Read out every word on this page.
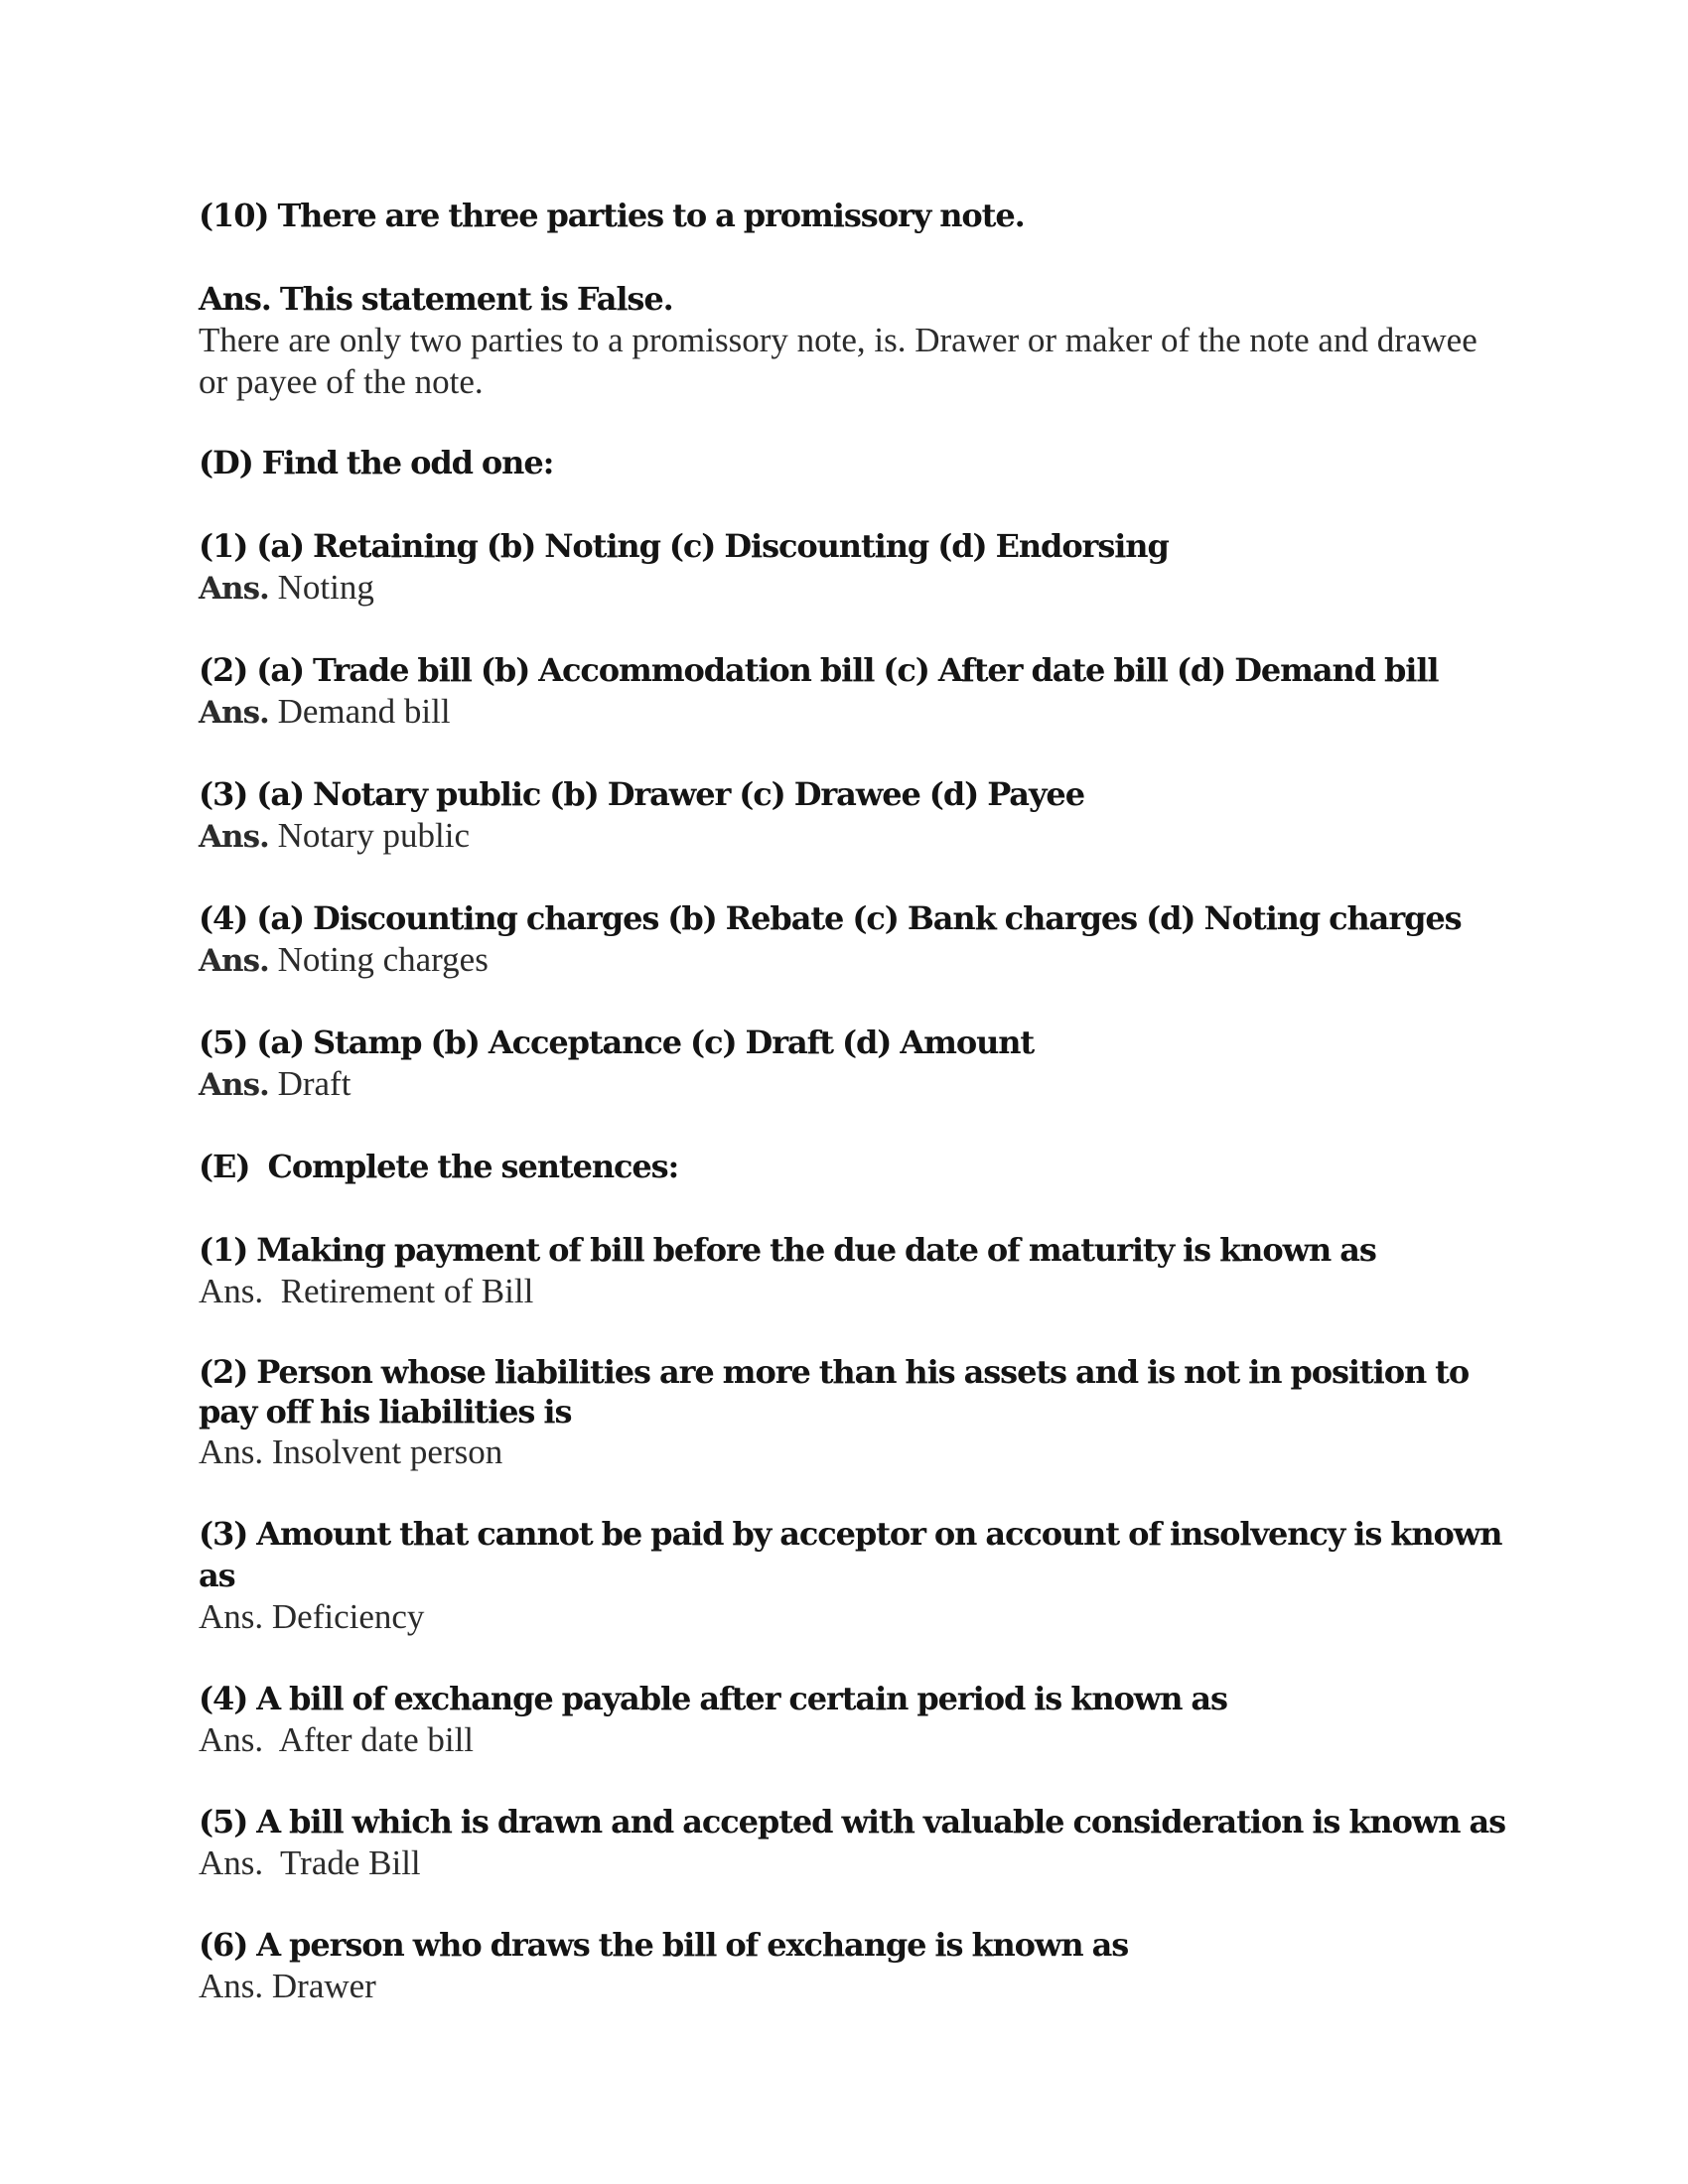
(10) There are three parties to a promissory note.

Ans. This statement is False.

There are only two parties to a promissory note, is. Drawer or maker of the note and drawee or payee of the note.

(D) Find the odd one:

(1) (a) Retaining (b) Noting (c) Discounting (d) Endorsing

Ans. Noting

(2) (a) Trade bill (b) Accommodation bill (c) After date bill (d) Demand bill

Ans. Demand bill

(3) (a) Notary public (b) Drawer (c) Drawee (d) Payee

Ans. Notary public

(4) (a) Discounting charges (b) Rebate (c) Bank charges (d) Noting charges

Ans. Noting charges

(5) (a) Stamp (b) Acceptance (c) Draft (d) Amount

Ans. Draft

(E)  Complete the sentences:

(1) Making payment of bill before the due date of maturity is known as

Ans.  Retirement of Bill

(2) Person whose liabilities are more than his assets and is not in position to pay off his liabilities is

Ans. Insolvent person

(3) Amount that cannot be paid by acceptor on account of insolvency is known as

Ans. Deficiency

(4) A bill of exchange payable after certain period is known as

Ans.  After date bill

(5) A bill which is drawn and accepted with valuable consideration is known as

Ans.  Trade Bill

(6) A person who draws the bill of exchange is known as

Ans. Drawer
